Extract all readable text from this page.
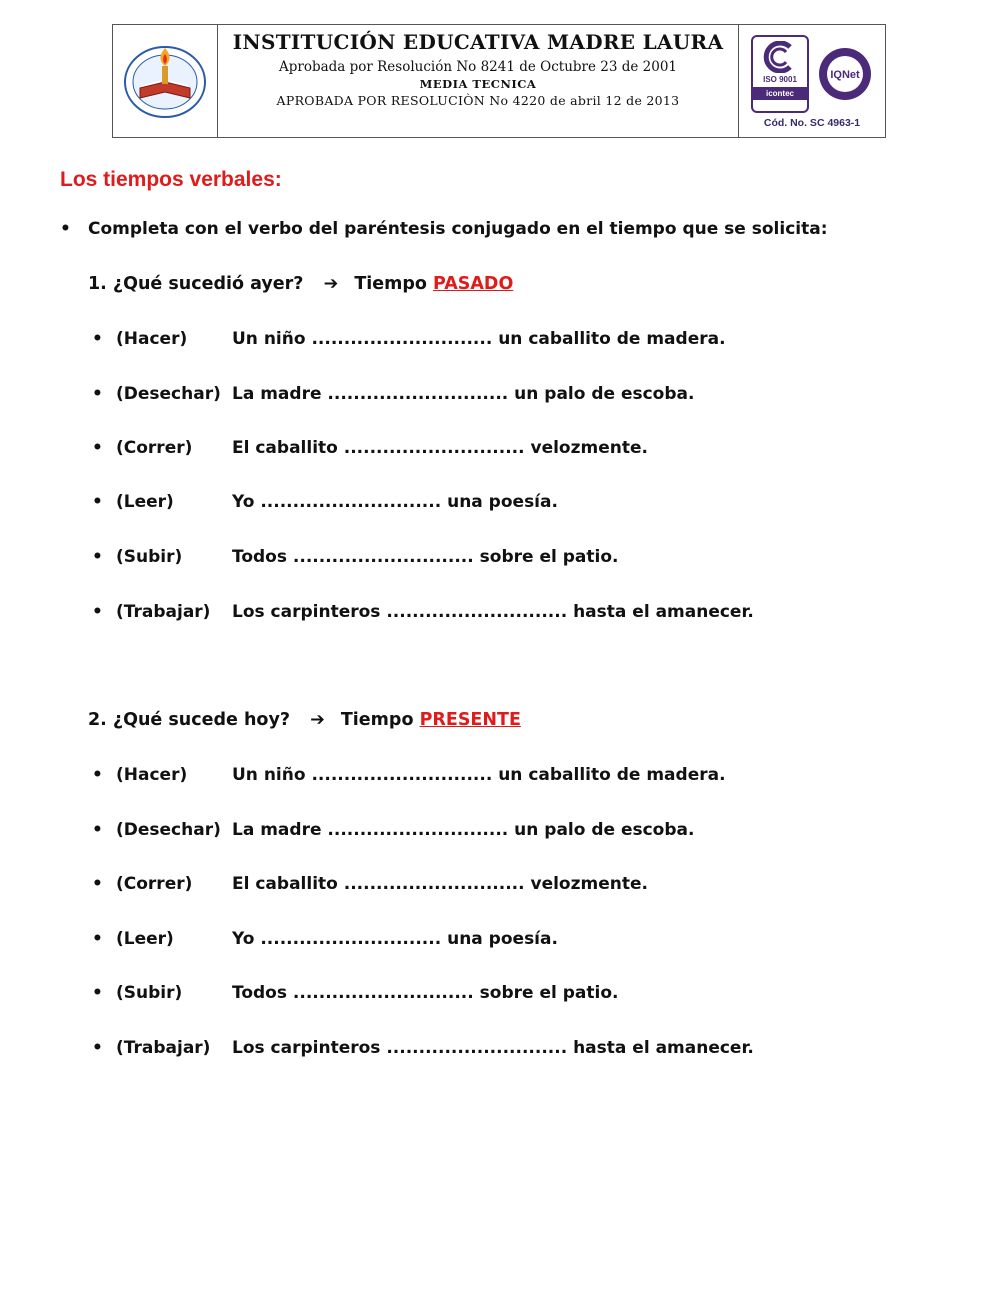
INSTITUCIÓN EDUCATIVA MADRE LAURA
Aprobada por Resolución No 8241 de Octubre 23 de 2001
MEDIA TECNICA
APROBADA POR RESOLUCIÒN No 4220 de abril 12 de 2013
ISO 9001
icontec
IQNet
Cód. No. SC 4963-1
Los tiempos verbales:
• Completa con el verbo del paréntesis conjugado en el tiempo que se solicita:
1. ¿Qué sucedió ayer? ➔ Tiempo PASADO
• (Hacer)	Un niño ............................ un caballito de madera.
• (Desechar) La madre ............................ un palo de escoba.
• (Correr)	El caballito ............................ velozmente.
• (Leer)	Yo ............................ una poesía.
• (Subir)	Todos ............................ sobre el patio.
• (Trabajar)	Los carpinteros ............................ hasta el amanecer.
2. ¿Qué sucede hoy? ➔ Tiempo PRESENTE
• (Hacer)	Un niño ............................ un caballito de madera.
• (Desechar) La madre ............................ un palo de escoba.
• (Correr)	El caballito ............................ velozmente.
• (Leer)	Yo ............................ una poesía.
• (Subir)	Todos ............................ sobre el patio.
• (Trabajar)	Los carpinteros ............................ hasta el amanecer.
